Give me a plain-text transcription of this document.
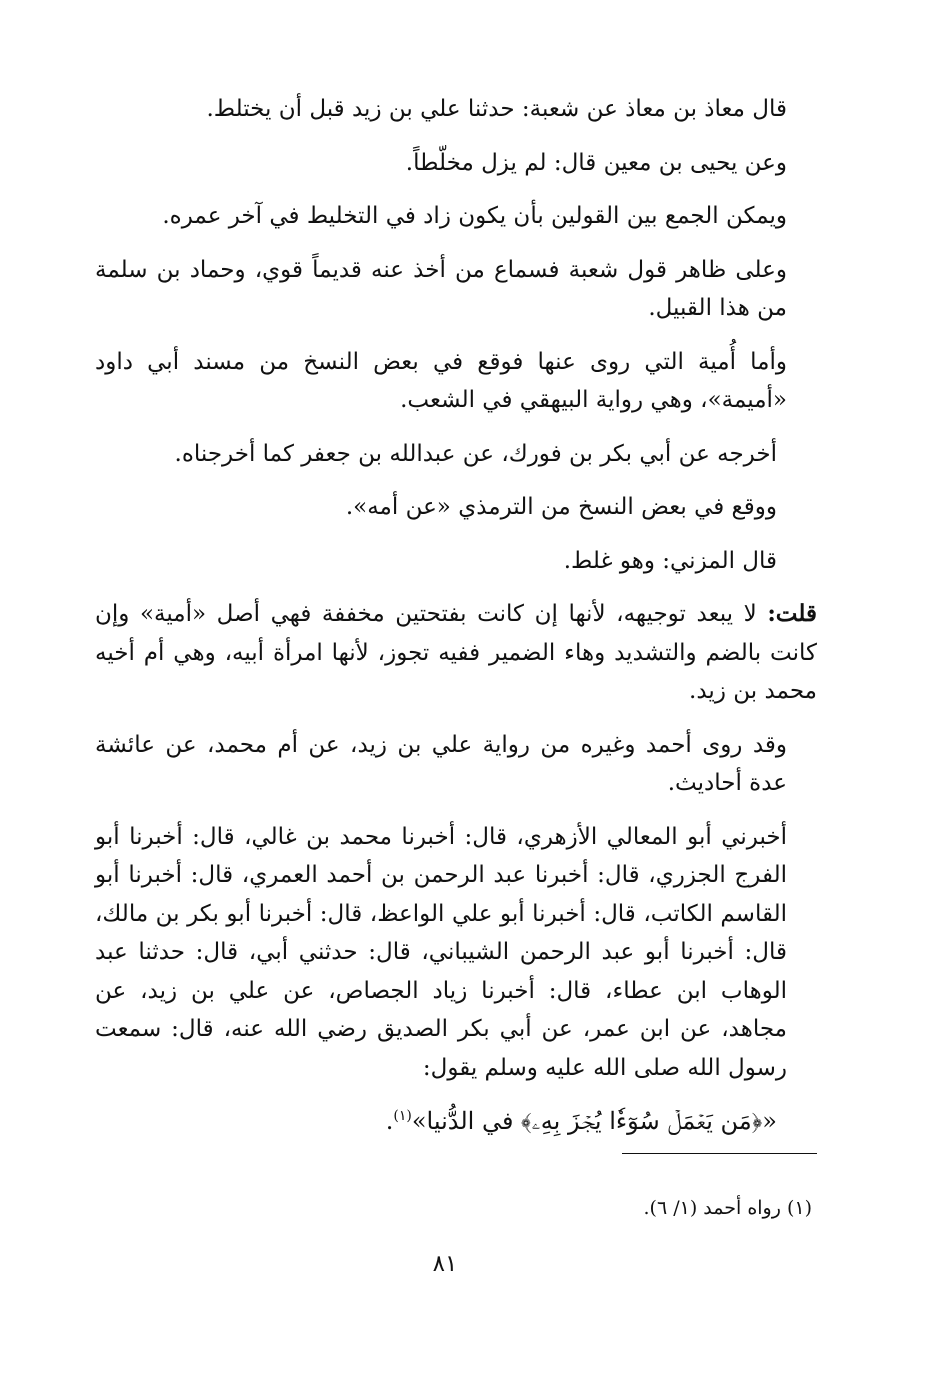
قال معاذ بن معاذ عن شعبة: حدثنا علي بن زيد قبل أن يختلط.

وعن يحيى بن معين قال: لم يزل مخلّطاً.

ويمكن الجمع بين القولين بأن يكون زاد في التخليط في آخر عمره.

وعلى ظاهر قول شعبة فسماع من أخذ عنه قديماً قوي، وحماد بن سلمة من هذا القبيل.

وأما أُمية التي روى عنها فوقع في بعض النسخ من مسند أبي داود «أميمة»، وهي رواية البيهقي في الشعب.

أخرجه عن أبي بكر بن فورك، عن عبدالله بن جعفر كما أخرجناه.

ووقع في بعض النسخ من الترمذي «عن أمه».

قال المزني: وهو غلط.

قلت: لا يبعد توجيهه، لأنها إن كانت بفتحتين مخففة فهي أصل «أمية» وإن كانت بالضم والتشديد وهاء الضمير ففيه تجوز، لأنها امرأة أبيه، وهي أم أخيه محمد بن زيد.

وقد روى أحمد وغيره من رواية علي بن زيد، عن أم محمد، عن عائشة عدة أحاديث.

أخبرني أبو المعالي الأزهري، قال: أخبرنا محمد بن غالي، قال: أخبرنا أبو الفرج الجزري، قال: أخبرنا عبد الرحمن بن أحمد العمري، قال: أخبرنا أبو القاسم الكاتب، قال: أخبرنا أبو علي الواعظ، قال: أخبرنا أبو بكر بن مالك، قال: أخبرنا أبو عبد الرحمن الشيباني، قال: حدثني أبي، قال: حدثنا عبد الوهاب ابن عطاء، قال: أخبرنا زياد الجصاص، عن علي بن زيد، عن مجاهد، عن ابن عمر، عن أبي بكر الصديق رضي الله عنه، قال: سمعت رسول الله صلى الله عليه وسلم يقول:

«﴿مَن يَعۡمَلۡ سُوٓءٗا يُجۡزَ بِهِۦ﴾ في الدُّنيا»$^{(١)}$.

(١) رواه أحمد (١/ ٦).
٨١
